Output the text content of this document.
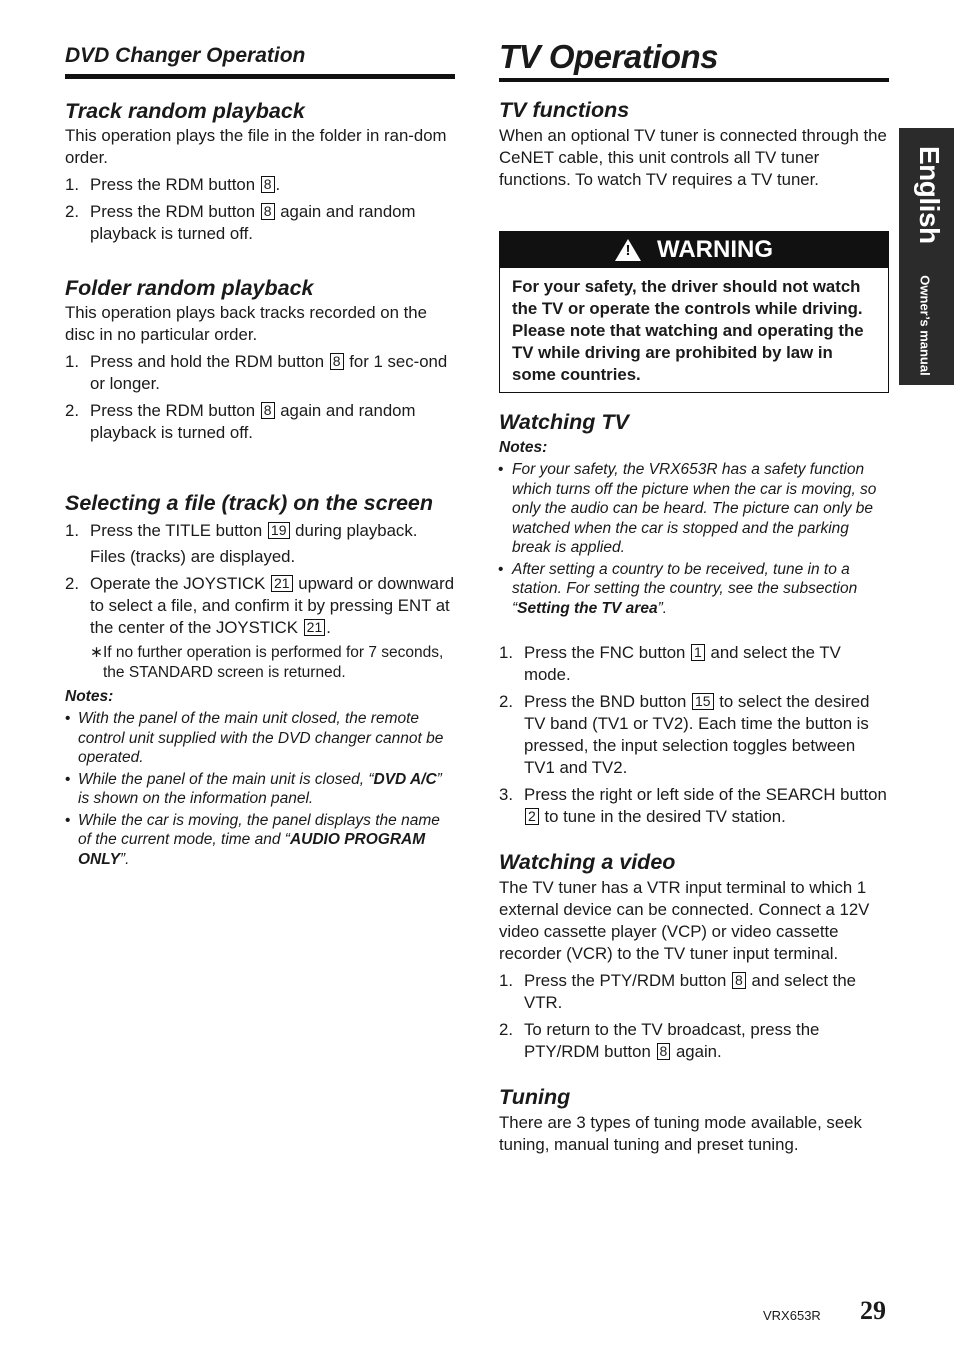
DVD Changer Operation
Track random playback

This operation plays the file in the folder in ran-dom order.

1. Press the RDM button 8 .
2. Press the RDM button 8 again and random playback is turned off.
Folder random playback

This operation plays back tracks recorded on the disc in no particular order.

1. Press and hold the RDM button 8 for 1 sec-ond or longer.
2. Press the RDM button 8 again and random playback is turned off.
Selecting a file (track) on the screen
1. Press the TITLE button 19 during playback.
Files (tracks) are displayed.
2. Operate the JOYSTICK 21 upward or downward to select a file, and confirm it by pressing ENT at the center of the JOYSTICK 21 .
∗ If no further operation is performed for 7 seconds, the STANDARD screen is returned.
Notes:
• With the panel of the main unit closed, the remote control unit supplied with the DVD changer cannot be operated.
• While the panel of the main unit is closed, “DVD A/C” is shown on the information panel.
• While the car is moving, the panel displays the name of the current mode, time and “AUDIO PROGRAM ONLY”.
TV Operations
TV functions

When an optional TV tuner is connected through the CeNET cable, this unit controls all TV tuner functions. To watch TV requires a TV tuner.

! WARNING
For your safety, the driver should not watch the TV or operate the controls while driving. Please note that watching and operating the TV while driving are prohibited by law in some countries.
Watching TV
Notes:
• For your safety, the VRX653R has a safety function which turns off the picture when the car is moving, so only the audio can be heard. The picture can only be watched when the car is stopped and the parking break is applied.
• After setting a country to be received, tune in to a station. For setting the country, see the subsection “Setting the TV area”.
1. Press the FNC button 1 and select the TV mode.
2. Press the BND button 15 to select the desired TV band (TV1 or TV2). Each time the button is pressed, the input selection toggles between TV1 and TV2.
3. Press the right or left side of the SEARCH button 2 to tune in the desired TV station.
Watching a video

The TV tuner has a VTR input terminal to which 1 external device can be connected. Connect a 12V video cassette player (VCP) or video cassette recorder (VCR) to the TV tuner input terminal.

1. Press the PTY/RDM button 8 and select the VTR.
2. To return to the TV broadcast, press the PTY/RDM button 8 again.
Tuning

There are 3 types of tuning mode available, seek tuning, manual tuning and preset tuning.

English
Owner’s manual
VRX653R 29
